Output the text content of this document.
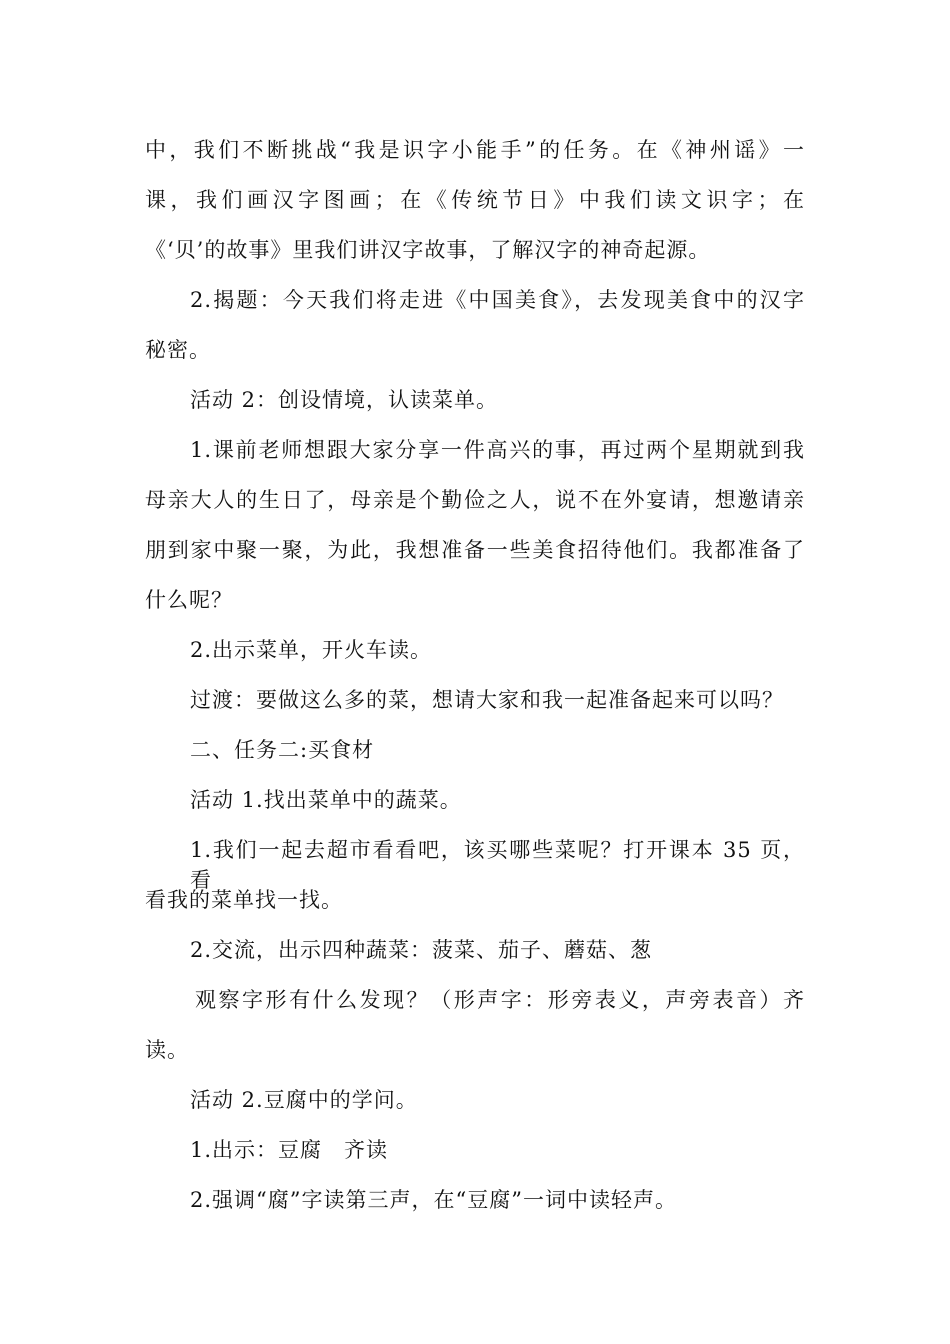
中，我们不断挑战“我是识字小能手”的任务。在《神州谣》一
课，我们画汉字图画；在《传统节日》中我们读文识字；在
《‘贝’的故事》里我们讲汉字故事，了解汉字的神奇起源。
2.揭题：今天我们将走进《中国美食》，去发现美食中的汉字
秘密。
活动 2：创设情境，认读菜单。
1.课前老师想跟大家分享一件高兴的事，再过两个星期就到我
母亲大人的生日了，母亲是个勤俭之人，说不在外宴请，想邀请亲
朋到家中聚一聚，为此，我想准备一些美食招待他们。我都准备了
什么呢？
2.出示菜单，开火车读。
过渡：要做这么多的菜，想请大家和我一起准备起来可以吗？
二、任务二:买食材
活动 1.找出菜单中的蔬菜。
1.我们一起去超市看看吧，该买哪些菜呢？打开课本 35 页，看
看我的菜单找一找。
2.交流，出示四种蔬菜：菠菜、茄子、蘑菇、葱
观察字形有什么发现？（形声字：形旁表义，声旁表音）齐
读。
活动 2.豆腐中的学问。
1.出示：豆腐　齐读
2.强调“腐”字读第三声，在“豆腐”一词中读轻声。
